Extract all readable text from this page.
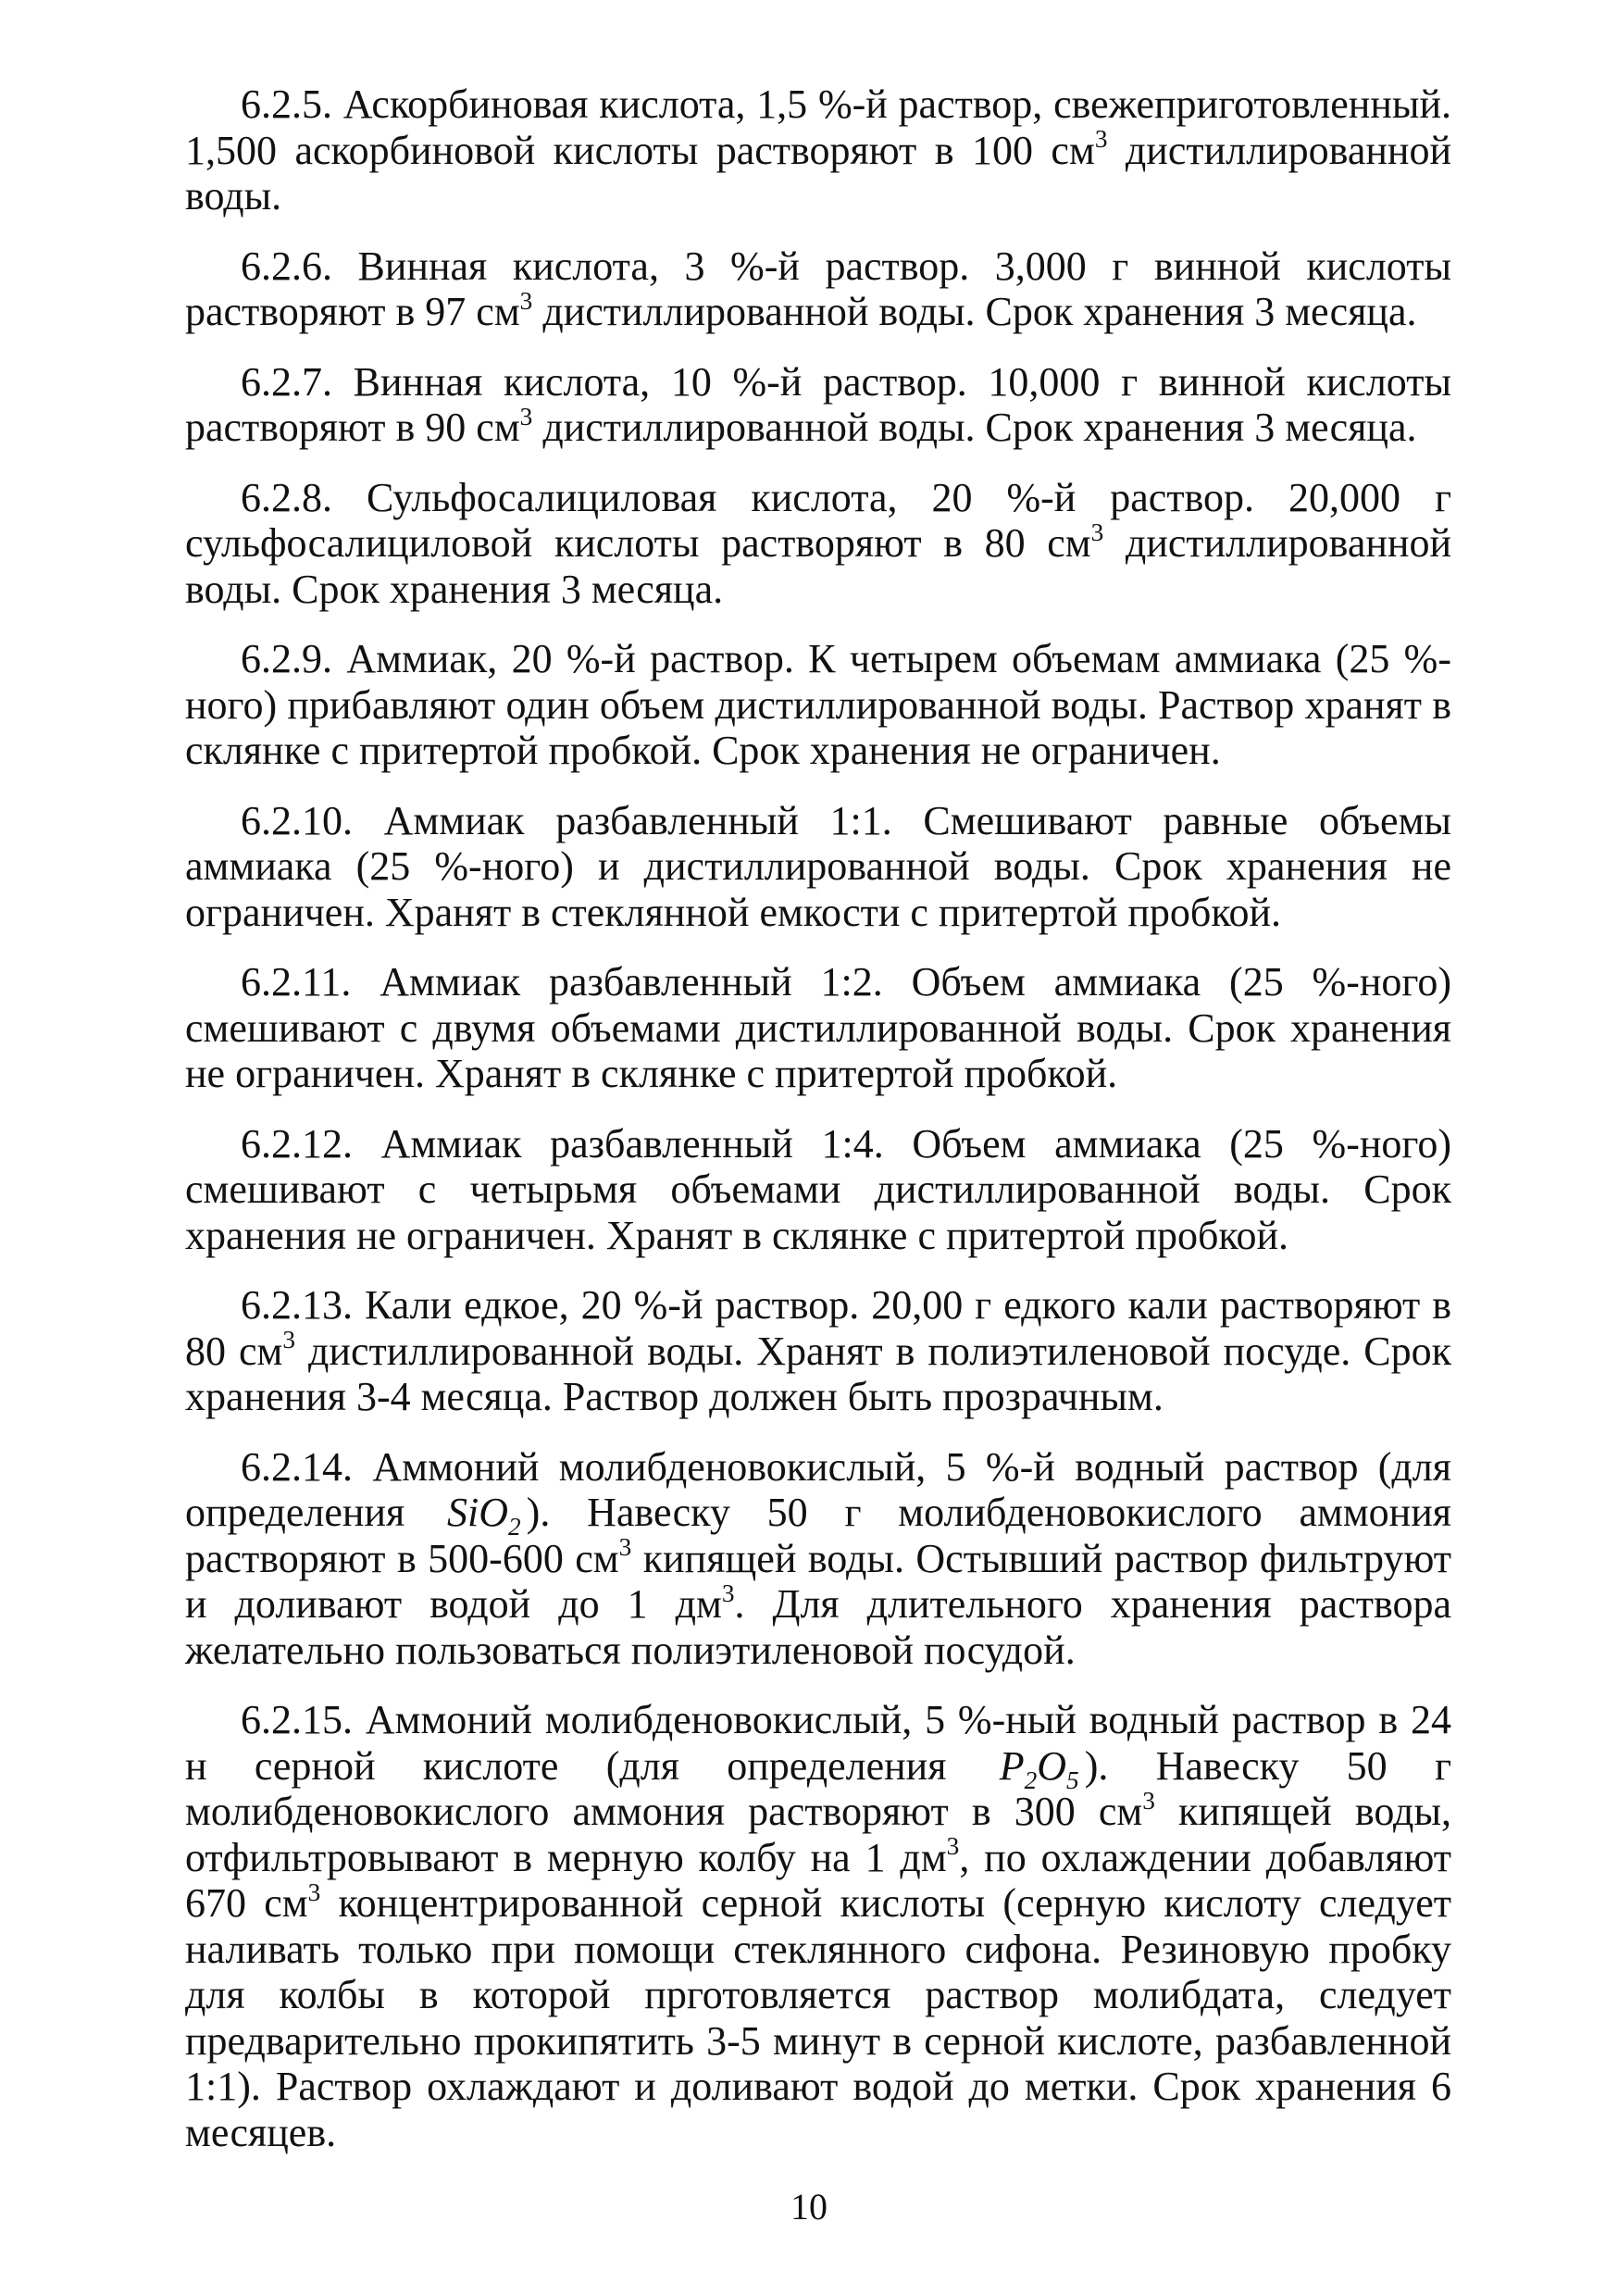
6.2.5. Аскорбиновая кислота, 1,5 %-й раствор, свежеприготовленный. 1,500 аскорбиновой кислоты растворяют в 100 $см^3$ дистиллированной воды.

6.2.6. Винная кислота, 3 %-й раствор. 3,000 г винной кислоты растворяют в 97 $см^3$ дистиллированной воды. Срок хранения 3 месяца.

6.2.7. Винная кислота, 10 %-й раствор. 10,000 г винной кислоты растворяют в 90 $см^3$ дистиллированной воды. Срок хранения 3 месяца.

6.2.8. Сульфосалициловая кислота, 20 %-й раствор. 20,000 г сульфосалициловой кислоты растворяют в 80 $см^3$ дистиллированной воды. Срок хранения 3 месяца.

6.2.9. Аммиак, 20 %-й раствор. К четырем объемам аммиака (25 %-ного) прибавляют один объем дистиллированной воды. Раствор хранят в склянке с притертой пробкой. Срок хранения не ограничен.

6.2.10. Аммиак разбавленный 1:1. Смешивают равные объемы аммиака (25 %-ного) и дистиллированной воды. Срок хранения не ограничен. Хранят в стеклянной емкости с притертой пробкой.

6.2.11. Аммиак разбавленный 1:2. Объем аммиака (25 %-ного) смешивают с двумя объемами дистиллированной воды. Срок хранения не ограничен. Хранят в склянке с притертой пробкой.

6.2.12. Аммиак разбавленный 1:4. Объем аммиака (25 %-ного) смешивают с четырьмя объемами дистиллированной воды. Срок хранения не ограничен. Хранят в склянке с притертой пробкой.

6.2.13. Кали едкое, 20 %-й раствор. 20,00 г едкого кали растворяют в 80 $см^3$ дистиллированной воды. Хранят в полиэтиленовой посуде. Срок хранения 3-4 месяца. Раствор должен быть прозрачным.

6.2.14. Аммоний молибденовокислый, 5 %-й водный раствор (для определения SiO$_2$ ). Навеску 50 г молибденовокислого аммония растворяют в 500-600 $см^3$ кипящей воды. Остывший раствор фильтруют и доливают водой до 1 $дм^3$. Для длительного хранения раствора желательно пользоваться полиэтиленовой посудой.

6.2.15. Аммоний молибденовокислый, 5 %-ный водный раствор в 24 н серной кислоте (для определения $P_2O_5$ ). Навеску 50 г молибденовокислого аммония растворяют в 300 $см^3$ кипящей воды, отфильтровывают в мерную колбу на 1 $дм^3$, по охлаждении добавляют 670 $см^3$ концентрированной серной кислоты (серную кислоту следует наливать только при помощи стеклянного сифона. Резиновую пробку для колбы в которой прготовляется раствор молибдата, следует предварительно прокипятить 3-5 минут в серной кислоте, разбавленной 1:1). Раствор охлаждают и доливают водой до метки. Срок хранения 6 месяцев.

10
